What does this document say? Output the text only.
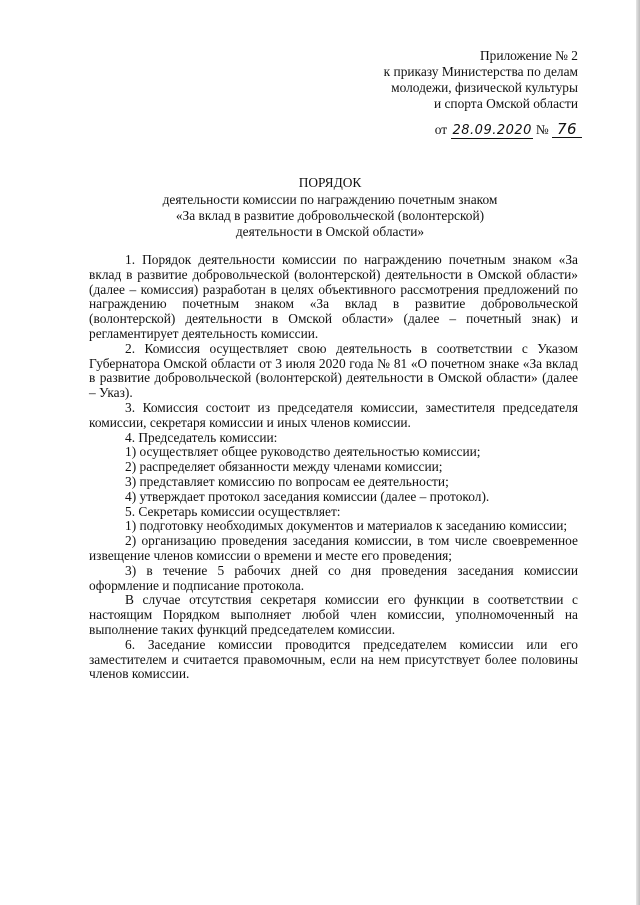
Приложение № 2
к приказу Министерства по делам
молодежи, физической культуры
и спорта Омской области
от 28.09.2020 № 76
ПОРЯДОК
деятельности комиссии по награждению почетным знаком
«За вклад в развитие добровольческой (волонтерской)
деятельности в Омской области»

1. Порядок деятельности комиссии по награждению почетным знаком «За вклад в развитие добровольческой (волонтерской) деятельности в Омской области» (далее – комиссия) разработан в целях объективного рассмотрения предложений по награждению почетным знаком «За вклад в развитие добровольческой (волонтерской) деятельности в Омской области» (далее – почетный знак) и регламентирует деятельность комиссии.

2. Комиссия осуществляет свою деятельность в соответствии с Указом Губернатора Омской области от 3 июля 2020 года № 81 «О почетном знаке «За вклад в развитие добровольческой (волонтерской) деятельности в Омской области» (далее – Указ).

3. Комиссия состоит из председателя комиссии, заместителя председателя комиссии, секретаря комиссии и иных членов комиссии.

4. Председатель комиссии:

1) осуществляет общее руководство деятельностью комиссии;

2) распределяет обязанности между членами комиссии;

3) представляет комиссию по вопросам ее деятельности;

4) утверждает протокол заседания комиссии (далее – протокол).

5. Секретарь комиссии осуществляет:

1) подготовку необходимых документов и материалов к заседанию комиссии;

2) организацию проведения заседания комиссии, в том числе своевременное извещение членов комиссии о времени и месте его проведения;

3) в течение 5 рабочих дней со дня проведения заседания комиссии оформление и подписание протокола.

В случае отсутствия секретаря комиссии его функции в соответствии с настоящим Порядком выполняет любой член комиссии, уполномоченный на выполнение таких функций председателем комиссии.

6. Заседание комиссии проводится председателем комиссии или его заместителем и считается правомочным, если на нем присутствует более половины членов комиссии.
